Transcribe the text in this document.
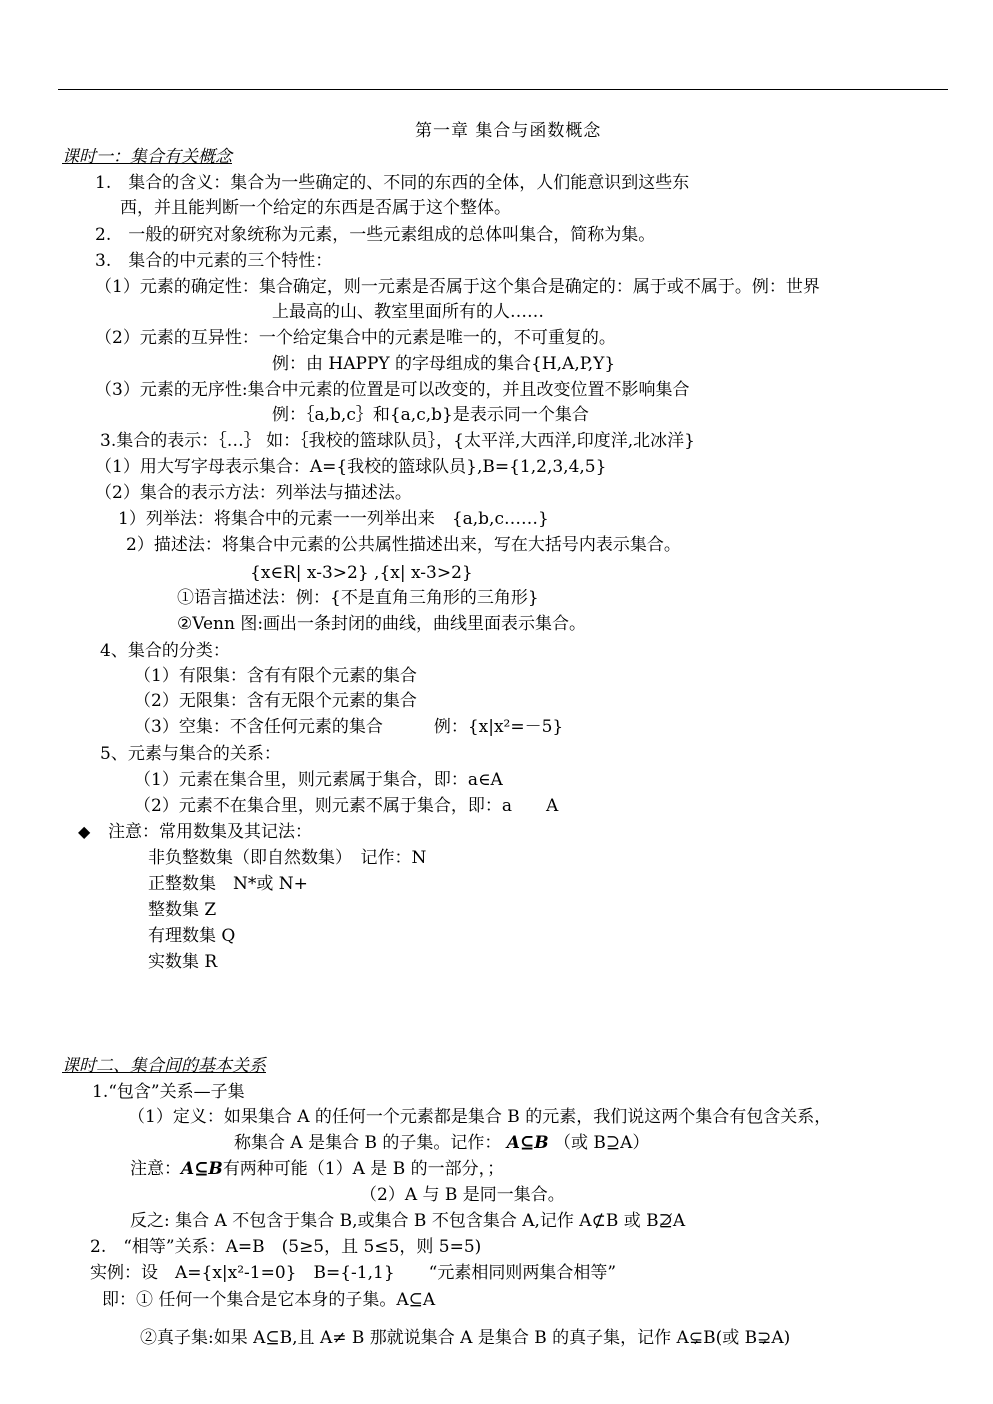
第一章 集合与函数概念
课时一：集合有关概念
1.　集合的含义：集合为一些确定的、不同的东西的全体，人们能意识到这些东
西，并且能判断一个给定的东西是否属于这个整体。
2.　一般的研究对象统称为元素，一些元素组成的总体叫集合，简称为集。
3.　集合的中元素的三个特性：
（1）元素的确定性：集合确定，则一元素是否属于这个集合是确定的：属于或不属于。例：世界
上最高的山、教室里面所有的人……
（2）元素的互异性：一个给定集合中的元素是唯一的，不可重复的。
例：由 HAPPY 的字母组成的集合{H,A,P,Y}
（3）元素的无序性:集合中元素的位置是可以改变的，并且改变位置不影响集合
例：｛a,b,c｝和{a,c,b}是表示同一个集合
3.集合的表示：｛…｝ 如：｛我校的篮球队员｝，{太平洋,大西洋,印度洋,北冰洋}
（1）用大写字母表示集合：A={我校的篮球队员},B={1,2,3,4,5}
（2）集合的表示方法：列举法与描述法。
1）列举法：将集合中的元素一一列举出来　{a,b,c……}
2）描述法：将集合中元素的公共属性描述出来，写在大括号内表示集合。
{x∈R| x-3>2} ,{x| x-3>2}
①语言描述法：例：{不是直角三角形的三角形}
②Venn 图:画出一条封闭的曲线，曲线里面表示集合。
4、集合的分类：
（1）有限集：含有有限个元素的集合
（2）无限集：含有无限个元素的集合
（3）空集：不含任何元素的集合　　　例：{x|x²=－5}
5、元素与集合的关系：
（1）元素在集合里，则元素属于集合，即：a∈A
（2）元素不在集合里，则元素不属于集合，即：a　　A
◆ 注意：常用数集及其记法：
非负整数集（即自然数集）　记作：N
正整数集　N*或 N+
整数集 Z
有理数集 Q
实数集 R
课时二、集合间的基本关系
1.“包含”关系—子集
（1）定义：如果集合 A 的任何一个元素都是集合 B 的元素，我们说这两个集合有包含关系，
称集合 A 是集合 B 的子集。记作： A⊆B （或 B⊇A）
注意：A⊆B有两种可能（1）A 是 B 的一部分，；
（2）A 与 B 是同一集合。
反之: 集合 A 不包含于集合 B,或集合 B 不包含集合 A,记作 A⊄B 或 B⊉A
2.　“相等”关系：A=B　(5≥5，且 5≤5，则 5=5)
实例：设　A={x|x²-1=0}　B={-1,1}　　“元素相同则两集合相等”
即：① 任何一个集合是它本身的子集。A⊆A
②真子集:如果 A⊆B,且 A≠ B 那就说集合 A 是集合 B 的真子集，记作 A⊊B(或 B⊋A)
